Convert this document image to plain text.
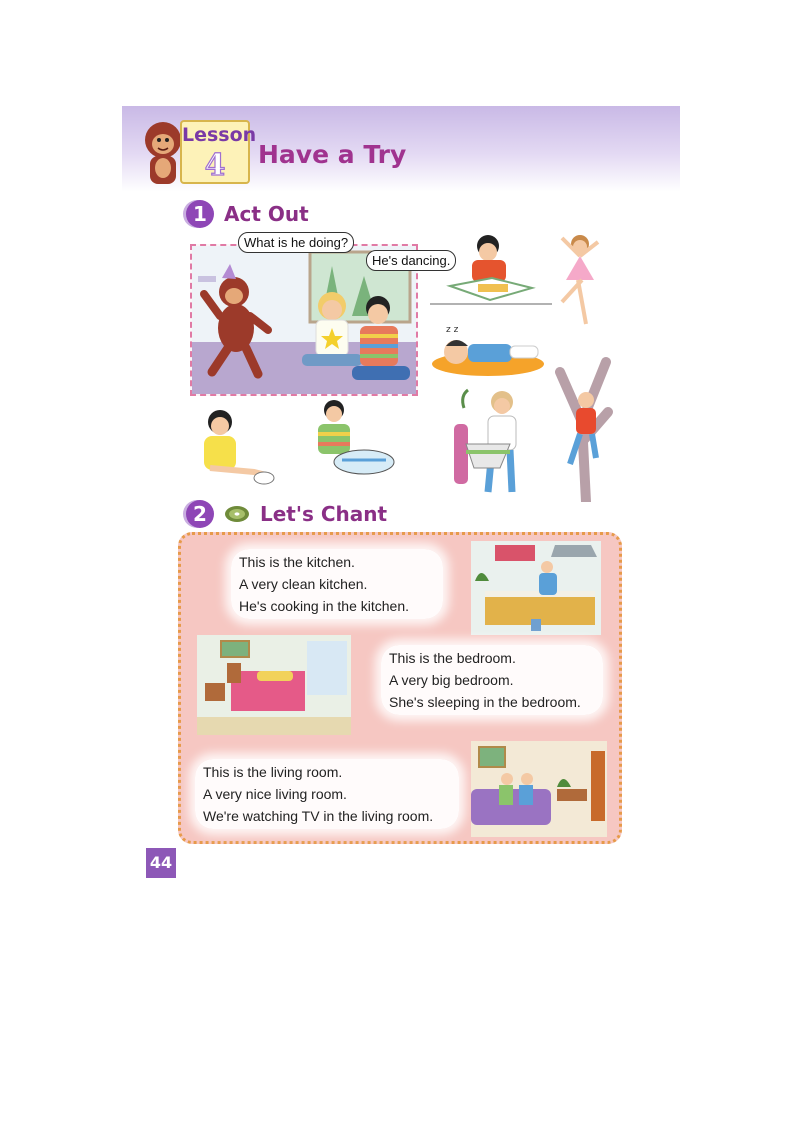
Lesson
4	Have a Try
1 Act Out
What is he doing?
He's dancing.
z z
2	Let's Chant
This is the kitchen.
A very clean kitchen.
He's cooking in the kitchen.
This is the bedroom.
A very big bedroom.
She's sleeping in the bedroom.
This is the living room.
A very nice living room.
We're watching TV in the living room.
44
